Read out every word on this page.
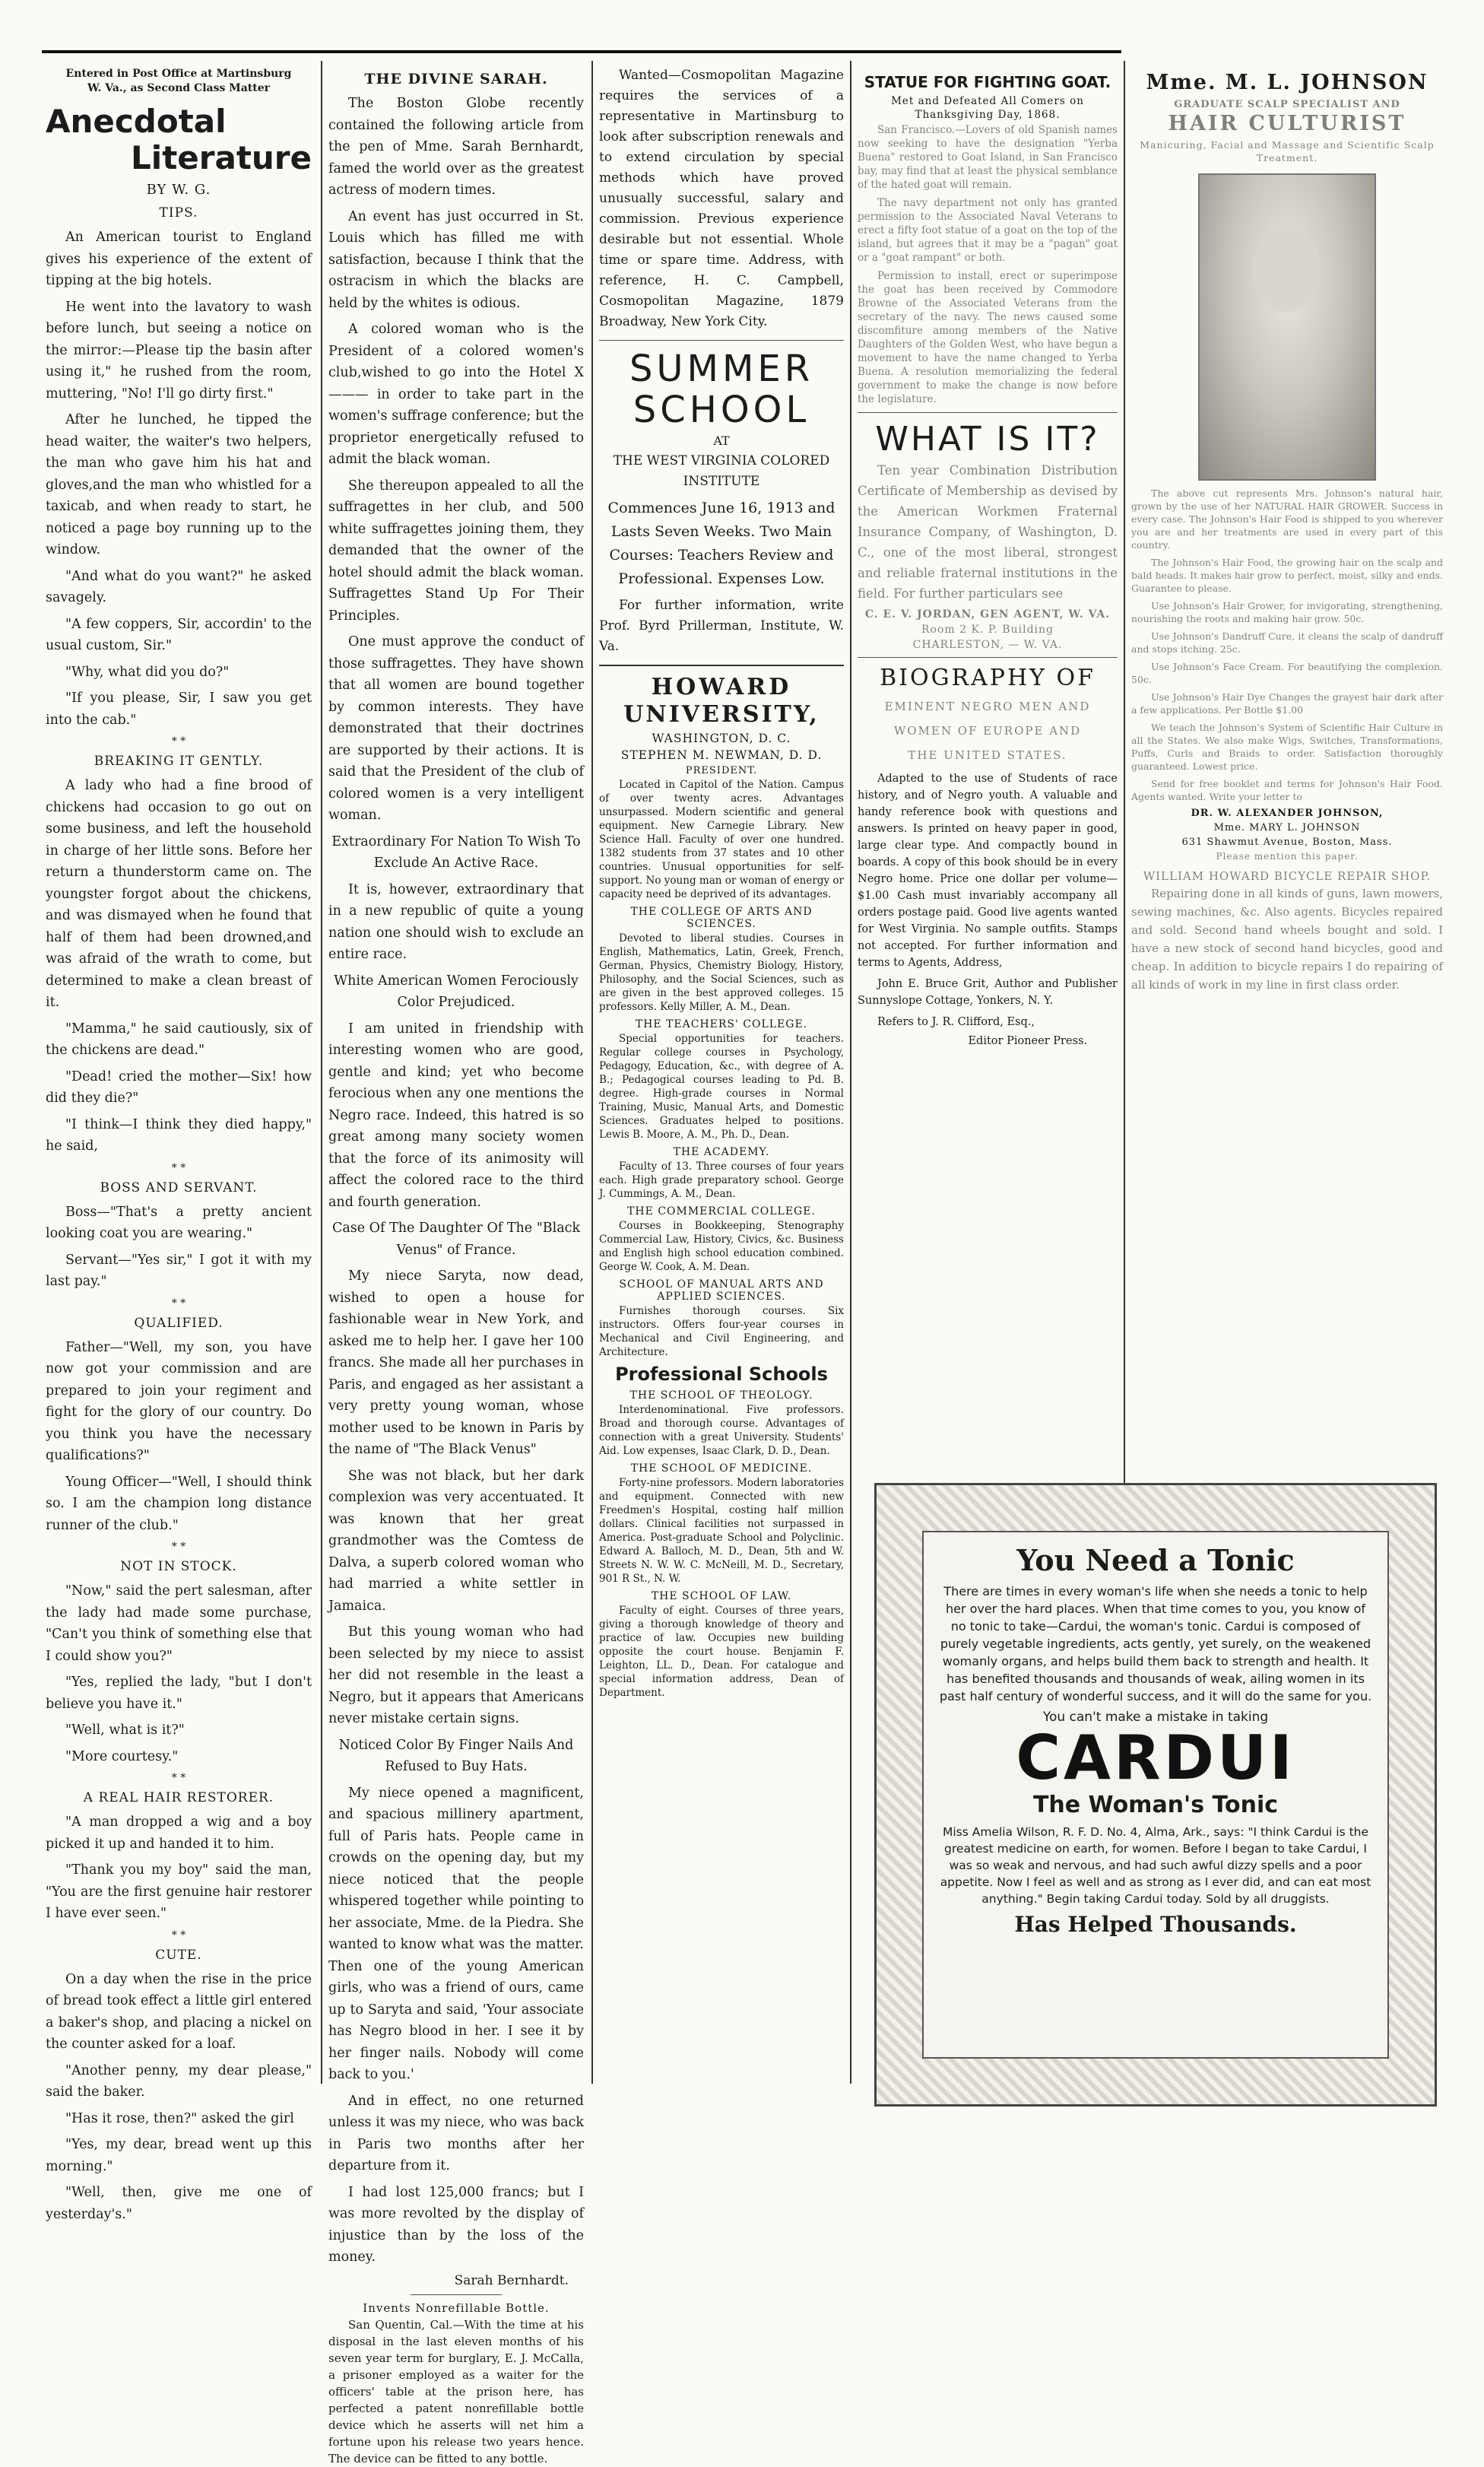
Entered in Post Office at Martinsburg
W. Va., as Second Class Matter
Anecdotal
Literature
BY W. G.
TIPS.

An American tourist to England gives his experience of the extent of tipping at the big hotels.

He went into the lavatory to wash before lunch, but seeing a notice on the mirror:—Please tip the basin after using it," he rushed from the room, muttering, "No! I'll go dirty first."

After he lunched, he tipped the head waiter, the waiter's two helpers, the man who gave him his hat and gloves,and the man who whistled for a taxicab, and when ready to start, he noticed a page boy running up to the window.

"And what do you want?" he asked savagely.

"A few coppers, Sir, accordin' to the usual custom, Sir."

"Why, what did you do?"

"If you please, Sir, I saw you get into the cab."

* *
BREAKING IT GENTLY.

A lady who had a fine brood of chickens had occasion to go out on some business, and left the household in charge of her little sons. Before her return a thunderstorm came on. The youngster forgot about the chickens, and was dismayed when he found that half of them had been drowned,and was afraid of the wrath to come, but determined to make a clean breast of it.

"Mamma," he said cautiously, six of the chickens are dead."

"Dead! cried the mother—Six! how did they die?"

"I think—I think they died happy," he said,

* *
BOSS AND SERVANT.

Boss—"That's a pretty ancient looking coat you are wearing."

Servant—"Yes sir," I got it with my last pay."

* *
QUALIFIED.

Father—"Well, my son, you have now got your commission and are prepared to join your regiment and fight for the glory of our country. Do you think you have the necessary qualifications?"

Young Officer—"Well, I should think so. I am the champion long distance runner of the club."

* *
NOT IN STOCK.

"Now," said the pert salesman, after the lady had made some purchase, "Can't you think of something else that I could show you?"

"Yes, replied the lady, "but I don't believe you have it."

"Well, what is it?"

"More courtesy."

* *
A REAL HAIR RESTORER.

"A man dropped a wig and a boy picked it up and handed it to him.

"Thank you my boy" said the man, "You are the first genuine hair restorer I have ever seen."

* *
CUTE.

On a day when the rise in the price of bread took effect a little girl entered a baker's shop, and placing a nickel on the counter asked for a loaf.

"Another penny, my dear please," said the baker.

"Has it rose, then?" asked the girl

"Yes, my dear, bread went up this morning."

"Well, then, give me one of yesterday's."

THE DIVINE SARAH.

The Boston Globe recently contained the following article from the pen of Mme. Sarah Bernhardt, famed the world over as the greatest actress of modern times.

An event has just occurred in St. Louis which has filled me with satisfaction, because I think that the ostracism in which the blacks are held by the whites is odious.

A colored woman who is the President of a colored women's club,wished to go into the Hotel X——— in order to take part in the women's suffrage conference; but the proprietor energetically refused to admit the black woman.

She thereupon appealed to all the suffragettes in her club, and 500 white suffragettes joining them, they demanded that the owner of the hotel should admit the black woman. Suffragettes Stand Up For Their Principles.

One must approve the conduct of those suffragettes. They have shown that all women are bound together by common interests. They have demonstrated that their doctrines are supported by their actions. It is said that the President of the club of colored women is a very intelligent woman.

Extraordinary For Nation To Wish To Exclude An Active Race.

It is, however, extraordinary that in a new republic of quite a young nation one should wish to exclude an entire race.

White American Women Ferociously Color Prejudiced.

I am united in friendship with interesting women who are good, gentle and kind; yet who become ferocious when any one mentions the Negro race. Indeed, this hatred is so great among many society women that the force of its animosity will affect the colored race to the third and fourth generation.

Case Of The Daughter Of The "Black Venus" of France.

My niece Saryta, now dead, wished to open a house for fashionable wear in New York, and asked me to help her. I gave her 100 francs. She made all her purchases in Paris, and engaged as her assistant a very pretty young woman, whose mother used to be known in Paris by the name of "The Black Venus"

She was not black, but her dark complexion was very accentuated. It was known that her great grandmother was the Comtess de Dalva, a superb colored woman who had married a white settler in Jamaica.

But this young woman who had been selected by my niece to assist her did not resemble in the least a Negro, but it appears that Americans never mistake certain signs.

Noticed Color By Finger Nails And Refused to Buy Hats.

My niece opened a magnificent, and spacious millinery apartment, full of Paris hats. People came in crowds on the opening day, but my niece noticed that the people whispered together while pointing to her associate, Mme. de la Piedra. She wanted to know what was the matter. Then one of the young American girls, who was a friend of ours, came up to Saryta and said, 'Your associate has Negro blood in her. I see it by her finger nails. Nobody will come back to you.'

And in effect, no one returned unless it was my niece, who was back in Paris two months after her departure from it.

I had lost 125,000 francs; but I was more revolted by the display of injustice than by the loss of the money.

Sarah Bernhardt.
Invents Nonrefillable Bottle.

San Quentin, Cal.—With the time at his disposal in the last eleven months of his seven year term for burglary, E. J. McCalla, a prisoner employed as a waiter for the officers' table at the prison here, has perfected a patent nonrefillable bottle device which he asserts will net him a fortune upon his release two years hence. The device can be fitted to any bottle.

Wanted—Cosmopolitan Magazine requires the services of a representative in Martinsburg to look after subscription renewals and to extend circulation by special methods which have proved unusually successful, salary and commission. Previous experience desirable but not essential. Whole time or spare time. Address, with reference, H. C. Campbell, Cosmopolitan Magazine, 1879 Broadway, New York City.

SUMMER
SCHOOL
AT
THE WEST VIRGINIA COLORED INSTITUTE

Commences June 16, 1913 and Lasts Seven Weeks. Two Main Courses: Teachers Review and Professional. Expenses Low.

For further information, write Prof. Byrd Prillerman, Institute, W. Va.

HOWARD
UNIVERSITY,
WASHINGTON, D. C.
STEPHEN M. NEWMAN, D. D.
PRESIDENT.

Located in Capitol of the Nation. Campus of over twenty acres. Advantages unsurpassed. Modern scientific and general equipment. New Carnegie Library. New Science Hall. Faculty of over one hundred. 1382 students from 37 states and 10 other countries. Unusual opportunities for self-support. No young man or woman of energy or capacity need be deprived of its advantages.

THE COLLEGE OF ARTS AND SCIENCES.

Devoted to liberal studies. Courses in English, Mathematics, Latin, Greek, French, German, Physics, Chemistry Biology, History, Philosophy, and the Social Sciences, such as are given in the best approved colleges. 15 professors. Kelly Miller, A. M., Dean.

THE TEACHERS' COLLEGE.

Special opportunities for teachers. Regular college courses in Psychology, Pedagogy, Education, &c., with degree of A. B.; Pedagogical courses leading to Pd. B. degree. High-grade courses in Normal Training, Music, Manual Arts, and Domestic Sciences. Graduates helped to positions. Lewis B. Moore, A. M., Ph. D., Dean.

THE ACADEMY.

Faculty of 13. Three courses of four years each. High grade preparatory school. George J. Cummings, A. M., Dean.

THE COMMERCIAL COLLEGE.

Courses in Bookkeeping, Stenography Commercial Law, History, Civics, &c. Business and English high school education combined. George W. Cook, A. M. Dean.

SCHOOL OF MANUAL ARTS AND APPLIED SCIENCES.

Furnishes thorough courses. Six instructors. Offers four-year courses in Mechanical and Civil Engineering, and Architecture.

Professional Schools
THE SCHOOL OF THEOLOGY.

Interdenominational. Five professors. Broad and thorough course. Advantages of connection with a great University. Students' Aid. Low expenses, Isaac Clark, D. D., Dean.

THE SCHOOL OF MEDICINE.

Forty-nine professors. Modern laboratories and equipment. Connected with new Freedmen's Hospital, costing half million dollars. Clinical facilities not surpassed in America. Post-graduate School and Polyclinic. Edward A. Balloch, M. D., Dean, 5th and W. Streets N. W. W. C. McNeill, M. D., Secretary, 901 R St., N. W.

THE SCHOOL OF LAW.

Faculty of eight. Courses of three years, giving a thorough knowledge of theory and practice of law. Occupies new building opposite the court house. Benjamin F. Leighton, LL. D., Dean. For catalogue and special information address, Dean of Department.

STATUE FOR FIGHTING GOAT.
Met and Defeated All Comers on Thanksgiving Day, 1868.

San Francisco.—Lovers of old Spanish names now seeking to have the designation "Yerba Buena" restored to Goat Island, in San Francisco bay, may find that at least the physical semblance of the hated goat will remain.

The navy department not only has granted permission to the Associated Naval Veterans to erect a fifty foot statue of a goat on the top of the island, but agrees that it may be a "pagan" goat or a "goat rampant" or both.

Permission to install, erect or superimpose the goat has been received by Commodore Browne of the Associated Veterans from the secretary of the navy. The news caused some discomfiture among members of the Native Daughters of the Golden West, who have begun a movement to have the name changed to Yerba Buena. A resolution memorializing the federal government to make the change is now before the legislature.

WHAT IS IT?

Ten year Combination Distribution Certificate of Membership as devised by the American Workmen Fraternal Insurance Company, of Washington, D. C., one of the most liberal, strongest and reliable fraternal institutions in the field. For further particulars see

C. E. V. JORDAN, GEN AGENT, W. VA.
Room 2 K. P. Building
CHARLESTON, — W. VA.
BIOGRAPHY OF
EMINENT NEGRO MEN AND
WOMEN OF EUROPE AND
THE UNITED STATES.

Adapted to the use of Students of race history, and of Negro youth. A valuable and handy reference book with questions and answers. Is printed on heavy paper in good, large clear type. And compactly bound in boards. A copy of this book should be in every Negro home. Price one dollar per volume—$1.00 Cash must invariably accompany all orders postage paid. Good live agents wanted for West Virginia. No sample outfits. Stamps not accepted. For further information and terms to Agents, Address,

John E. Bruce Grit, Author and Publisher Sunnyslope Cottage, Yonkers, N. Y.

Refers to J. R. Clifford, Esq.,

Editor Pioneer Press.
Mme. M. L. JOHNSON
GRADUATE SCALP SPECIALIST AND
HAIR CULTURIST
Manicuring, Facial and Massage and Scientific Scalp Treatment.

The above cut represents Mrs. Johnson's natural hair, grown by the use of her NATURAL HAIR GROWER. Success in every case. The Johnson's Hair Food is shipped to you wherever you are and her treatments are used in every part of this country.

The Johnson's Hair Food, the growing hair on the scalp and bald heads. It makes hair grow to perfect, moist, silky and ends. Guarantee to please.

Use Johnson's Hair Grower, for invigorating, strengthening, nourishing the roots and making hair grow. 50c.

Use Johnson's Dandruff Cure, it cleans the scalp of dandruff and stops itching. 25c.

Use Johnson's Face Cream. For beautifying the complexion. 50c.

Use Johnson's Hair Dye Changes the grayest hair dark after a few applications. Per Bottle $1.00

We teach the Johnson's System of Scientific Hair Culture in all the States. We also make Wigs, Switches, Transformations, Puffs, Curls and Braids to order. Satisfaction thoroughly guaranteed. Lowest price.

Send for free booklet and terms for Johnson's Hair Food. Agents wanted. Write your letter to

DR. W. ALEXANDER JOHNSON,
Mme. MARY L. JOHNSON
631 Shawmut Avenue, Boston, Mass.
Please mention this paper.
WILLIAM HOWARD BICYCLE REPAIR SHOP.

Repairing done in all kinds of guns, lawn mowers, sewing machines, &c. Also agents. Bicycles repaired and sold. Second hand wheels bought and sold. I have a new stock of second hand bicycles, good and cheap. In addition to bicycle repairs I do repairing of all kinds of work in my line in first class order.

You Need a Tonic

There are times in every woman's life when she needs a tonic to help her over the hard places. When that time comes to you, you know of no tonic to take—Cardui, the woman's tonic. Cardui is composed of purely vegetable ingredients, acts gently, yet surely, on the weakened womanly organs, and helps build them back to strength and health. It has benefited thousands and thousands of weak, ailing women in its past half century of wonderful success, and it will do the same for you.

You can't make a mistake in taking
CARDUI
The Woman's Tonic

Miss Amelia Wilson, R. F. D. No. 4, Alma, Ark., says: "I think Cardui is the greatest medicine on earth, for women. Before I began to take Cardui, I was so weak and nervous, and had such awful dizzy spells and a poor appetite. Now I feel as well and as strong as I ever did, and can eat most anything." Begin taking Cardui today. Sold by all druggists.

Has Helped Thousands.
